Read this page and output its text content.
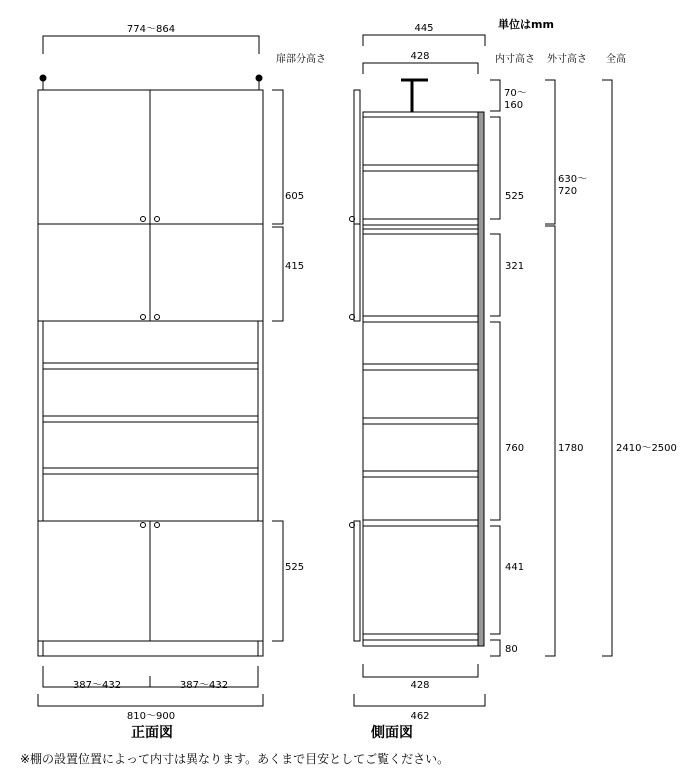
単位はmm
扉部分高さ	内寸高さ 外寸高さ 全高
774〜864
605
415
525
387〜432	387〜432
810〜900
正面図
445
428
70〜 160
525
321
760
441
80
428
462
側面図
630〜 720
1780	2410〜2500
※棚の設置位置によって内寸は異なります。あくまで目安としてご覧ください。
